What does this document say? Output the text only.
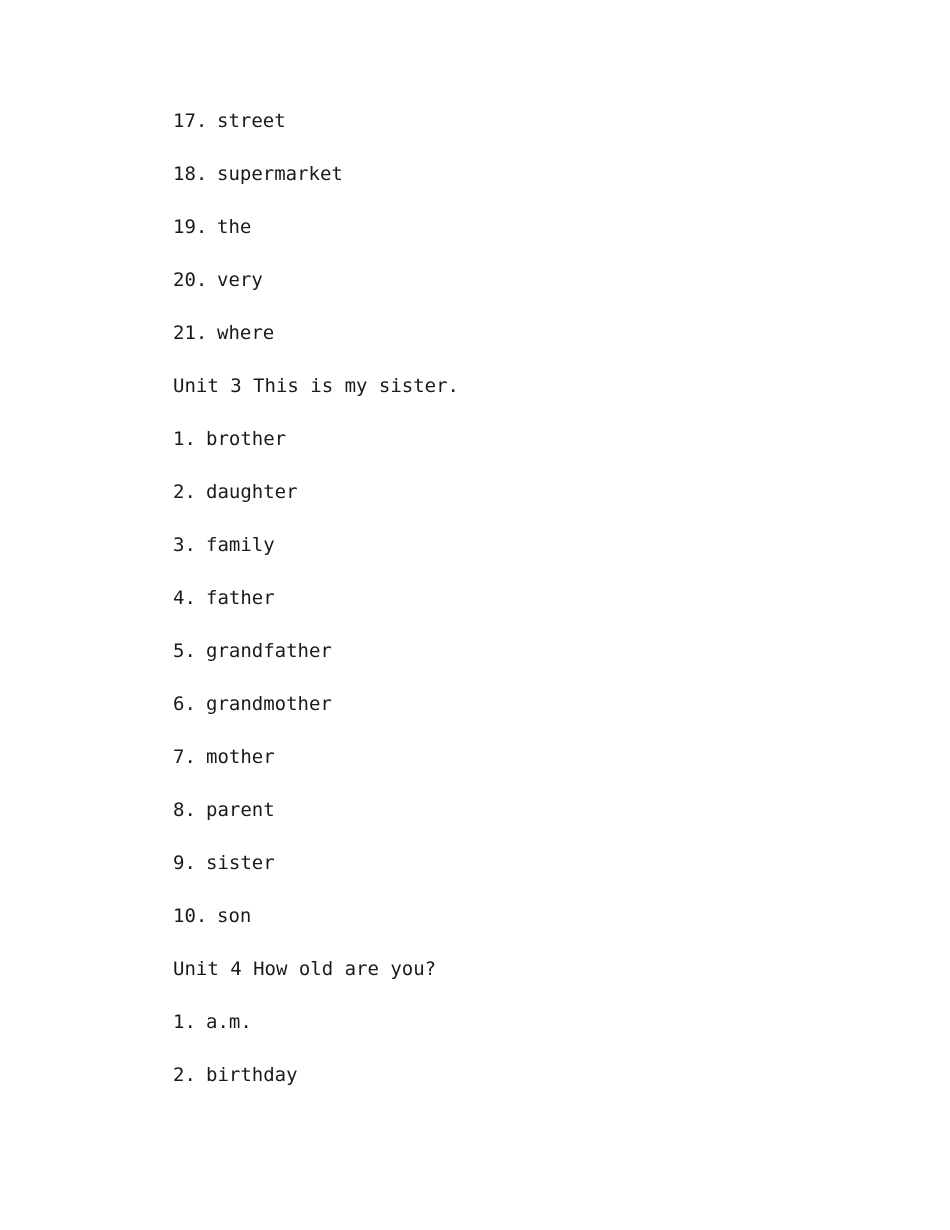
17. street
18. supermarket
19. the
20. very
21. where
Unit 3 This is my sister.
1. brother
2. daughter
3. family
4. father
5. grandfather
6. grandmother
7. mother
8. parent
9. sister
10. son
Unit 4 How old are you?
1. a.m.
2. birthday
